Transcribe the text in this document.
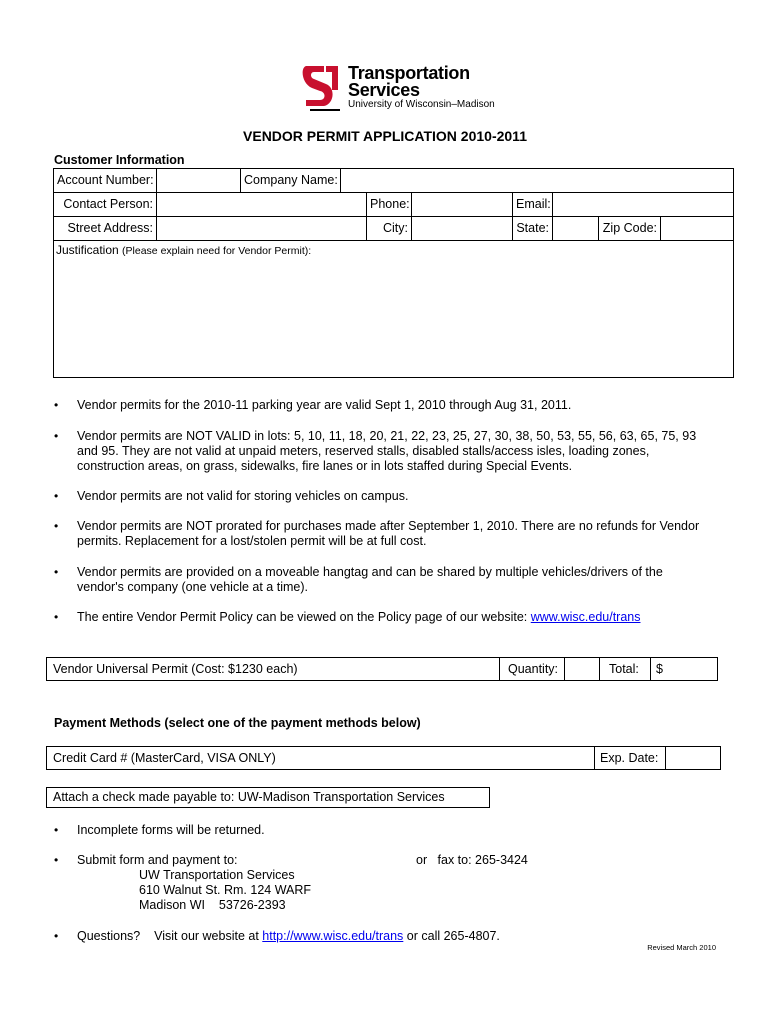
Transportation
Services
University of Wisconsin–Madison
VENDOR PERMIT APPLICATION 2010-2011
Customer Information
Account Number:	Company Name:
Contact Person:	Phone:	Email:
Street Address:	City:	State:	Zip Code:
Justification (Please explain need for Vendor Permit):
•	Vendor permits for the 2010-11 parking year are valid Sept 1, 2010 through Aug 31, 2011.
•	Vendor permits are NOT VALID in lots: 5, 10, 11, 18, 20, 21, 22, 23, 25, 27, 30, 38, 50, 53, 55, 56, 63, 65, 75, 93
and 95. They are not valid at unpaid meters, reserved stalls, disabled stalls/access isles, loading zones,
construction areas, on grass, sidewalks, fire lanes or in lots staffed during Special Events.
•	Vendor permits are not valid for storing vehicles on campus.
•	Vendor permits are NOT prorated for purchases made after September 1, 2010. There are no refunds for Vendor
permits. Replacement for a lost/stolen permit will be at full cost.
•	Vendor permits are provided on a moveable hangtag and can be shared by multiple vehicles/drivers of the
vendor's company (one vehicle at a time).
•	The entire Vendor Permit Policy can be viewed on the Policy page of our website: www.wisc.edu/trans
Vendor Universal Permit (Cost: $1230 each)	Quantity:	Total:	$
Payment Methods (select one of the payment methods below)
Credit Card # (MasterCard, VISA ONLY)	Exp. Date:
Attach a check made payable to: UW-Madison Transportation Services
•	Incomplete forms will be returned.
•	Submit form and payment to:	or   fax to: 265-3424
UW Transportation Services
610 Walnut St. Rm. 124 WARF
Madison WI    53726-2393
•	Questions?    Visit our website at http://www.wisc.edu/trans or call 265-4807.
Revised March 2010
